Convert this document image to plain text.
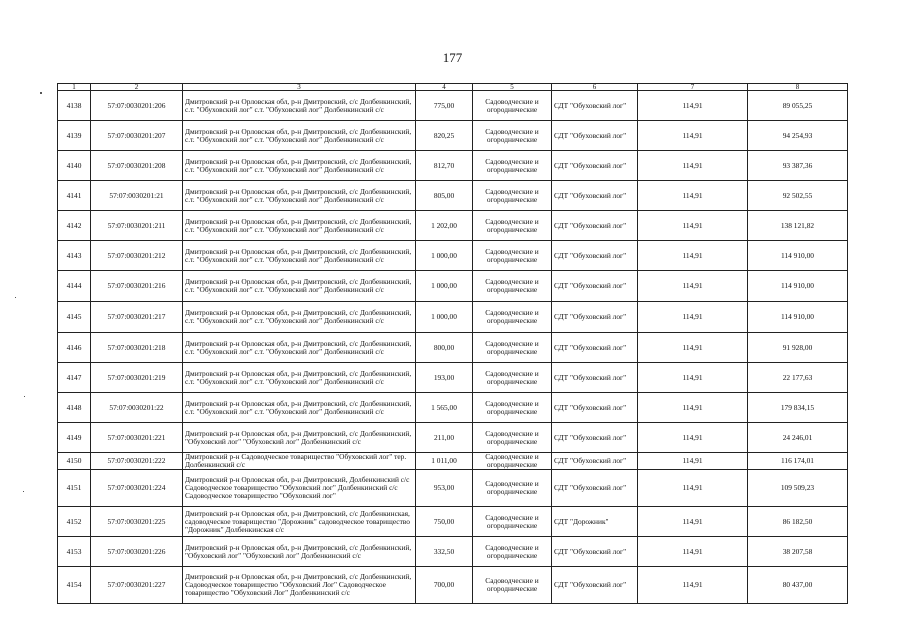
177
1	2	3	4	5	6	7	8
4138	57:07:0030201:206	Дмитровский р-н Орловская обл, р-н Дмитровский, с/с Долбенкинский, с.т. "Обуховский лог" с.т. "Обуховский лог" Долбенкинский с/с	775,00	Садоводческие и огороднические	СДТ "Обуховский лог"	114,91	89 055,25
4139	57:07:0030201:207	Дмитровский р-н Орловская обл, р-н Дмитровский, с/с Долбенкинский, с.т. "Обуховский лог" с.т. "Обуховский лог" Долбенкинский с/с	820,25	Садоводческие и огороднические	СДТ "Обуховский лог"	114,91	94 254,93
4140	57:07:0030201:208	Дмитровский р-н Орловская обл, р-н Дмитровский, с/с Долбенкинский, с.т. "Обуховский лог" с.т. "Обуховский лог" Долбенкинский с/с	812,70	Садоводческие и огороднические	СДТ "Обуховский лог"	114,91	93 387,36
4141	57:07:0030201:21	Дмитровский р-н Орловская обл, р-н Дмитровский, с/с Долбенкинский, с.т. "Обуховский лог" с.т. "Обуховский лог" Долбенкинский с/с	805,00	Садоводческие и огороднические	СДТ "Обуховский лог"	114,91	92 502,55
4142	57:07:0030201:211	Дмитровский р-н Орловская обл, р-н Дмитровский, с/с Долбенкинский, с.т. "Обуховский лог" с.т. "Обуховский лог" Долбенкинский с/с	1 202,00	Садоводческие и огороднические	СДТ "Обуховский лог"	114,91	138 121,82
4143	57:07:0030201:212	Дмитровский р-н Орловская обл, р-н Дмитровский, с/с Долбенкинский, с.т. "Обуховский лог" с.т. "Обуховский лог" Долбенкинский с/с	1 000,00	Садоводческие и огороднические	СДТ "Обуховский лог"	114,91	114 910,00
4144	57:07:0030201:216	Дмитровский р-н Орловская обл, р-н Дмитровский, с/с Долбенкинский, с.т. "Обуховский лог" с.т. "Обуховский лог" Долбенкинский с/с	1 000,00	Садоводческие и огороднические	СДТ "Обуховский лог"	114,91	114 910,00
4145	57:07:0030201:217	Дмитровский р-н Орловская обл, р-н Дмитровский, с/с Долбенкинский, с.т. "Обуховский лог" с.т. "Обуховский лог" Долбенкинский с/с	1 000,00	Садоводческие и огороднические	СДТ "Обуховский лог"	114,91	114 910,00
4146	57:07:0030201:218	Дмитровский р-н Орловская обл, р-н Дмитровский, с/с Долбенкинский, с.т. "Обуховский лог" с.т. "Обуховский лог" Долбенкинский с/с	800,00	Садоводческие и огороднические	СДТ "Обуховский лог"	114,91	91 928,00
4147	57:07:0030201:219	Дмитровский р-н Орловская обл, р-н Дмитровский, с/с Долбенкинский, с.т. "Обуховский лог" с.т. "Обуховский лог" Долбенкинский с/с	193,00	Садоводческие и огороднические	СДТ "Обуховский лог"	114,91	22 177,63
4148	57:07:0030201:22	Дмитровский р-н Орловская обл, р-н Дмитровский, с/с Долбенкинский, с.т. "Обуховский лог" с.т. "Обуховский лог" Долбенкинский с/с	1 565,00	Садоводческие и огороднические	СДТ "Обуховский лог"	114,91	179 834,15
4149	57:07:0030201:221	Дмитровский р-н Орловская обл, р-н Дмитровский, с/с Долбенкинский, "Обуховский лог" "Обуховский лог" Долбенкинский с/с	211,00	Садоводческие и огороднические	СДТ "Обуховский лог"	114,91	24 246,01
4150	57:07:0030201:222	Дмитровский р-н Садоводческое товарищество "Обуховский лог" тер. Долбенкинский с/с	1 011,00	Садоводческие и огороднические	СДТ "Обуховский лог"	114,91	116 174,01
4151	57:07:0030201:224	Дмитровский р-н Орловская обл, р-н Дмитровский, Долбенкинский с/с Садоводческое товарищество "Обуховский лог" Долбенкинский с/с Садоводческое товарищество "Обуховский лог"	953,00	Садоводческие и огороднические	СДТ "Обуховский лог"	114,91	109 509,23
4152	57:07:0030201:225	Дмитровский р-н Орловская обл, р-н Дмитровский, с/с Долбенкинская, садоводческое товарищество "Дорожник" садоводческое товарищество "Дорожник" Долбенкинская с/с	750,00	Садоводческие и огороднические	СДТ "Дорожник"	114,91	86 182,50
4153	57:07:0030201:226	Дмитровский р-н Орловская обл, р-н Дмитровский, с/с Долбенкинский, "Обуховский лог" "Обуховский лог" Долбенкинский с/с	332,50	Садоводческие и огороднические	СДТ "Обуховский лог"	114,91	38 207,58
4154	57:07:0030201:227	Дмитровский р-н Орловская обл, р-н Дмитровский, с/с Долбенкинский, Садоводческое товарищество "Обуховский Лог" Садоводческое товарищество "Обуховский Лог" Долбенкинский с/с	700,00	Садоводческие и огороднические	СДТ "Обуховский лог"	114,91	80 437,00
